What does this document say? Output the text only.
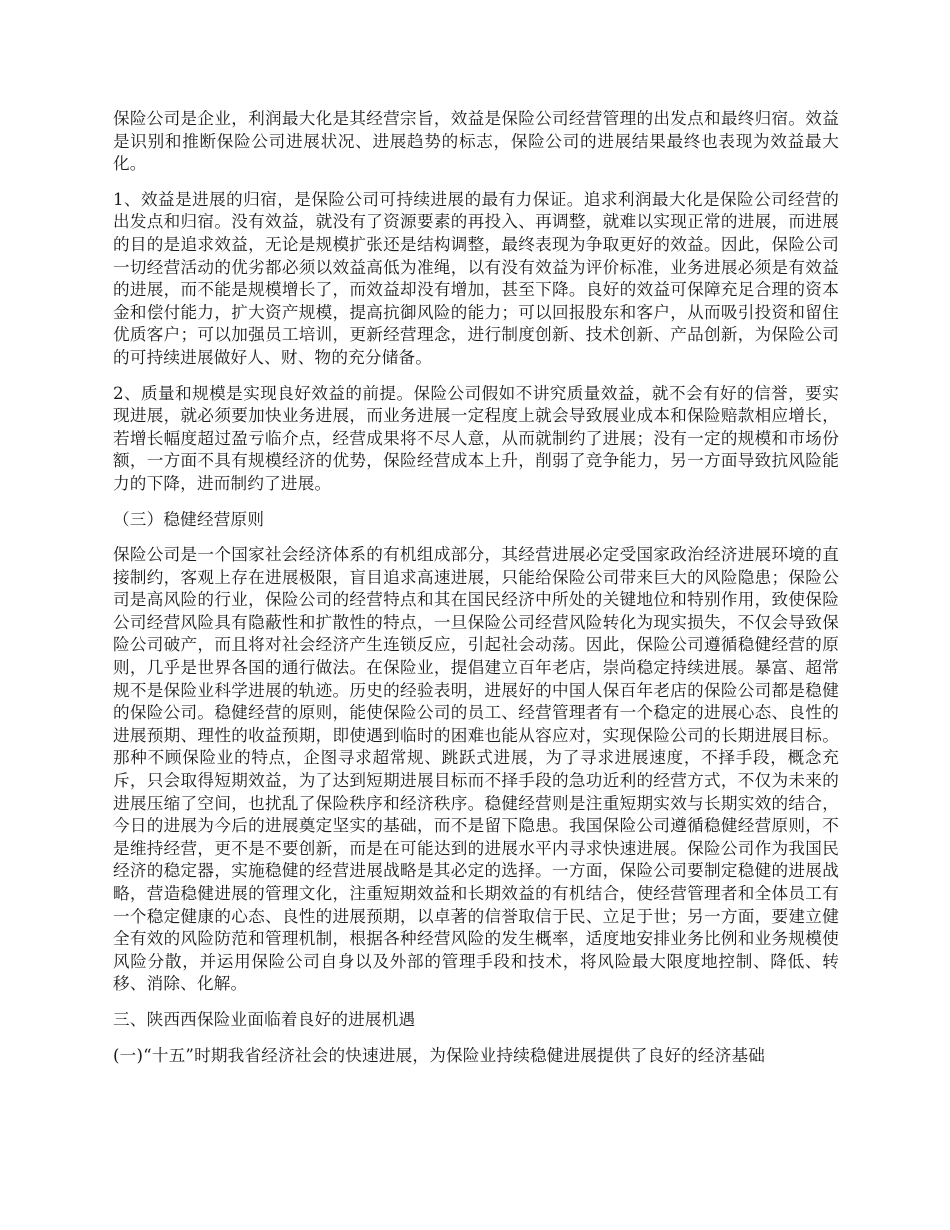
保险公司是企业，利润最大化是其经营宗旨，效益是保险公司经营管理的出发点和最终归宿。效益是识别和推断保险公司进展状况、进展趋势的标志，保险公司的进展结果最终也表现为效益最大化。

1、效益是进展的归宿，是保险公司可持续进展的最有力保证。追求利润最大化是保险公司经营的出发点和归宿。没有效益，就没有了资源要素的再投入、再调整，就难以实现正常的进展，而进展的目的是追求效益，无论是规模扩张还是结构调整，最终表现为争取更好的效益。因此，保险公司一切经营活动的优劣都必须以效益高低为准绳，以有没有效益为评价标准，业务进展必须是有效益的进展，而不能是规模增长了，而效益却没有增加，甚至下降。良好的效益可保障充足合理的资本金和偿付能力，扩大资产规模，提高抗御风险的能力；可以回报股东和客户，从而吸引投资和留住优质客户；可以加强员工培训，更新经营理念，进行制度创新、技术创新、产品创新，为保险公司的可持续进展做好人、财、物的充分储备。

2、质量和规模是实现良好效益的前提。保险公司假如不讲究质量效益，就不会有好的信誉，要实现进展，就必须要加快业务进展，而业务进展一定程度上就会导致展业成本和保险赔款相应增长，若增长幅度超过盈亏临介点，经营成果将不尽人意，从而就制约了进展；没有一定的规模和市场份额，一方面不具有规模经济的优势，保险经营成本上升，削弱了竞争能力，另一方面导致抗风险能力的下降，进而制约了进展。

（三）稳健经营原则

保险公司是一个国家社会经济体系的有机组成部分，其经营进展必定受国家政治经济进展环境的直接制约，客观上存在进展极限，盲目追求高速进展，只能给保险公司带来巨大的风险隐患；保险公司是高风险的行业，保险公司的经营特点和其在国民经济中所处的关键地位和特别作用，致使保险公司经营风险具有隐蔽性和扩散性的特点，一旦保险公司经营风险转化为现实损失，不仅会导致保险公司破产，而且将对社会经济产生连锁反应，引起社会动荡。因此，保险公司遵循稳健经营的原则，几乎是世界各国的通行做法。在保险业，提倡建立百年老店，崇尚稳定持续进展。暴富、超常规不是保险业科学进展的轨迹。历史的经验表明，进展好的中国人保百年老店的保险公司都是稳健的保险公司。稳健经营的原则，能使保险公司的员工、经营管理者有一个稳定的进展心态、良性的进展预期、理性的收益预期，即使遇到临时的困难也能从容应对，实现保险公司的长期进展目标。那种不顾保险业的特点，企图寻求超常规、跳跃式进展，为了寻求进展速度，不择手段，概念充斥，只会取得短期效益，为了达到短期进展目标而不择手段的急功近利的经营方式，不仅为未来的进展压缩了空间，也扰乱了保险秩序和经济秩序。稳健经营则是注重短期实效与长期实效的结合，今日的进展为今后的进展奠定坚实的基础，而不是留下隐患。我国保险公司遵循稳健经营原则，不是维持经营，更不是不要创新，而是在可能达到的进展水平内寻求快速进展。保险公司作为我国民经济的稳定器，实施稳健的经营进展战略是其必定的选择。一方面，保险公司要制定稳健的进展战略，营造稳健进展的管理文化，注重短期效益和长期效益的有机结合，使经营管理者和全体员工有一个稳定健康的心态、良性的进展预期，以卓著的信誉取信于民、立足于世；另一方面，要建立健全有效的风险防范和管理机制，根据各种经营风险的发生概率，适度地安排业务比例和业务规模使风险分散，并运用保险公司自身以及外部的管理手段和技术，将风险最大限度地控制、降低、转移、消除、化解。

三、陕西西保险业面临着良好的进展机遇

(一)“十五”时期我省经济社会的快速进展，为保险业持续稳健进展提供了良好的经济基础
